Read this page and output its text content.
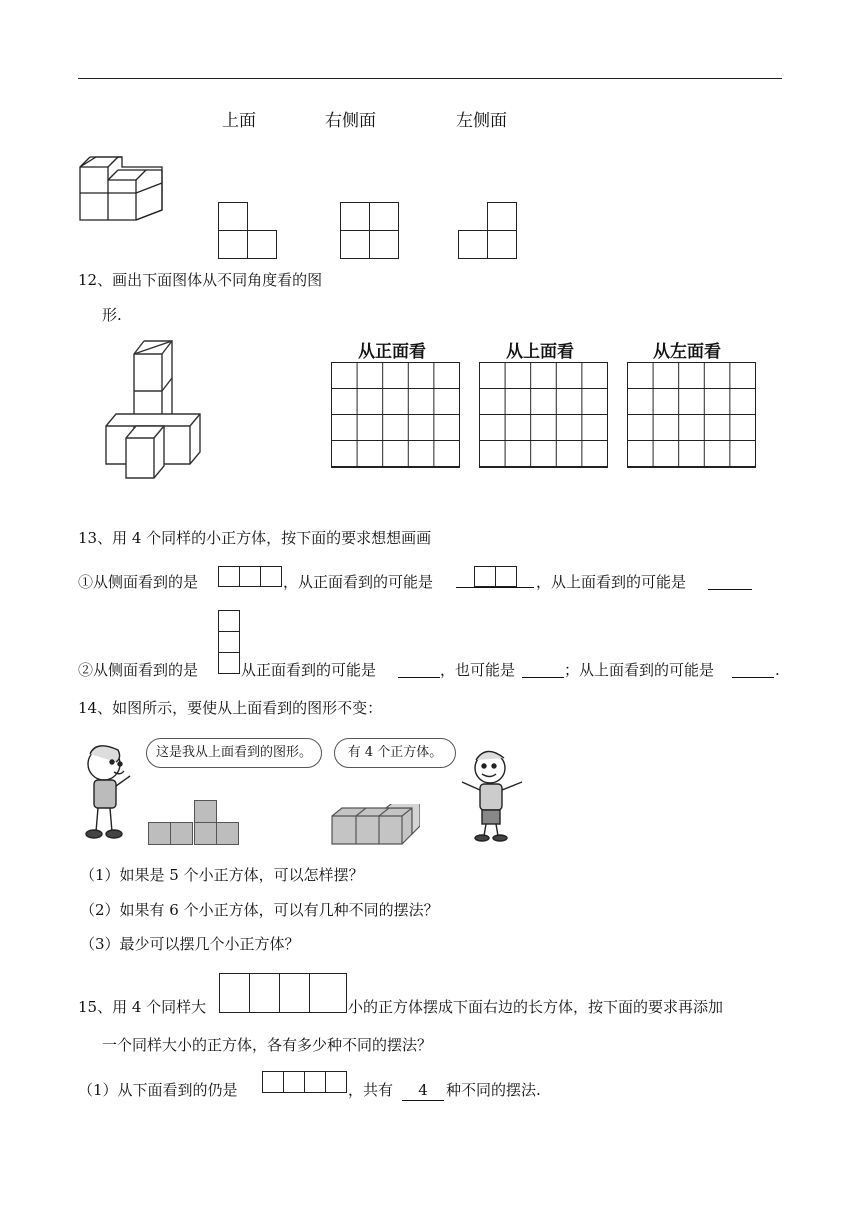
上面	右侧面	左侧面
12、画出下面图体从不同角度看的图
形.
从正面看	从上面看	从左面看
13、用 4 个同样的小正方体，按下面的要求想想画画
①从侧面看到的是	，从正面看到的可能是	，从上面看到的可能是
②从侧面看到的是	从正面看到的可能是	，也可能是	；从上面看到的可能是	.
14、如图所示，要使从上面看到的图形不变：
这是我从上面看到的图形。	有 4 个正方体。
（1）如果是 5 个小正方体，可以怎样摆？
（2）如果有 6 个小正方体，可以有几种不同的摆法？
（3）最少可以摆几个小正方体？
15、用 4 个同样大	小的正方体摆成下面右边的长方体，按下面的要求再添加
一个同样大小的正方体，各有多少种不同的摆法？
（1）从下面看到的仍是	，共有	4	种不同的摆法.
